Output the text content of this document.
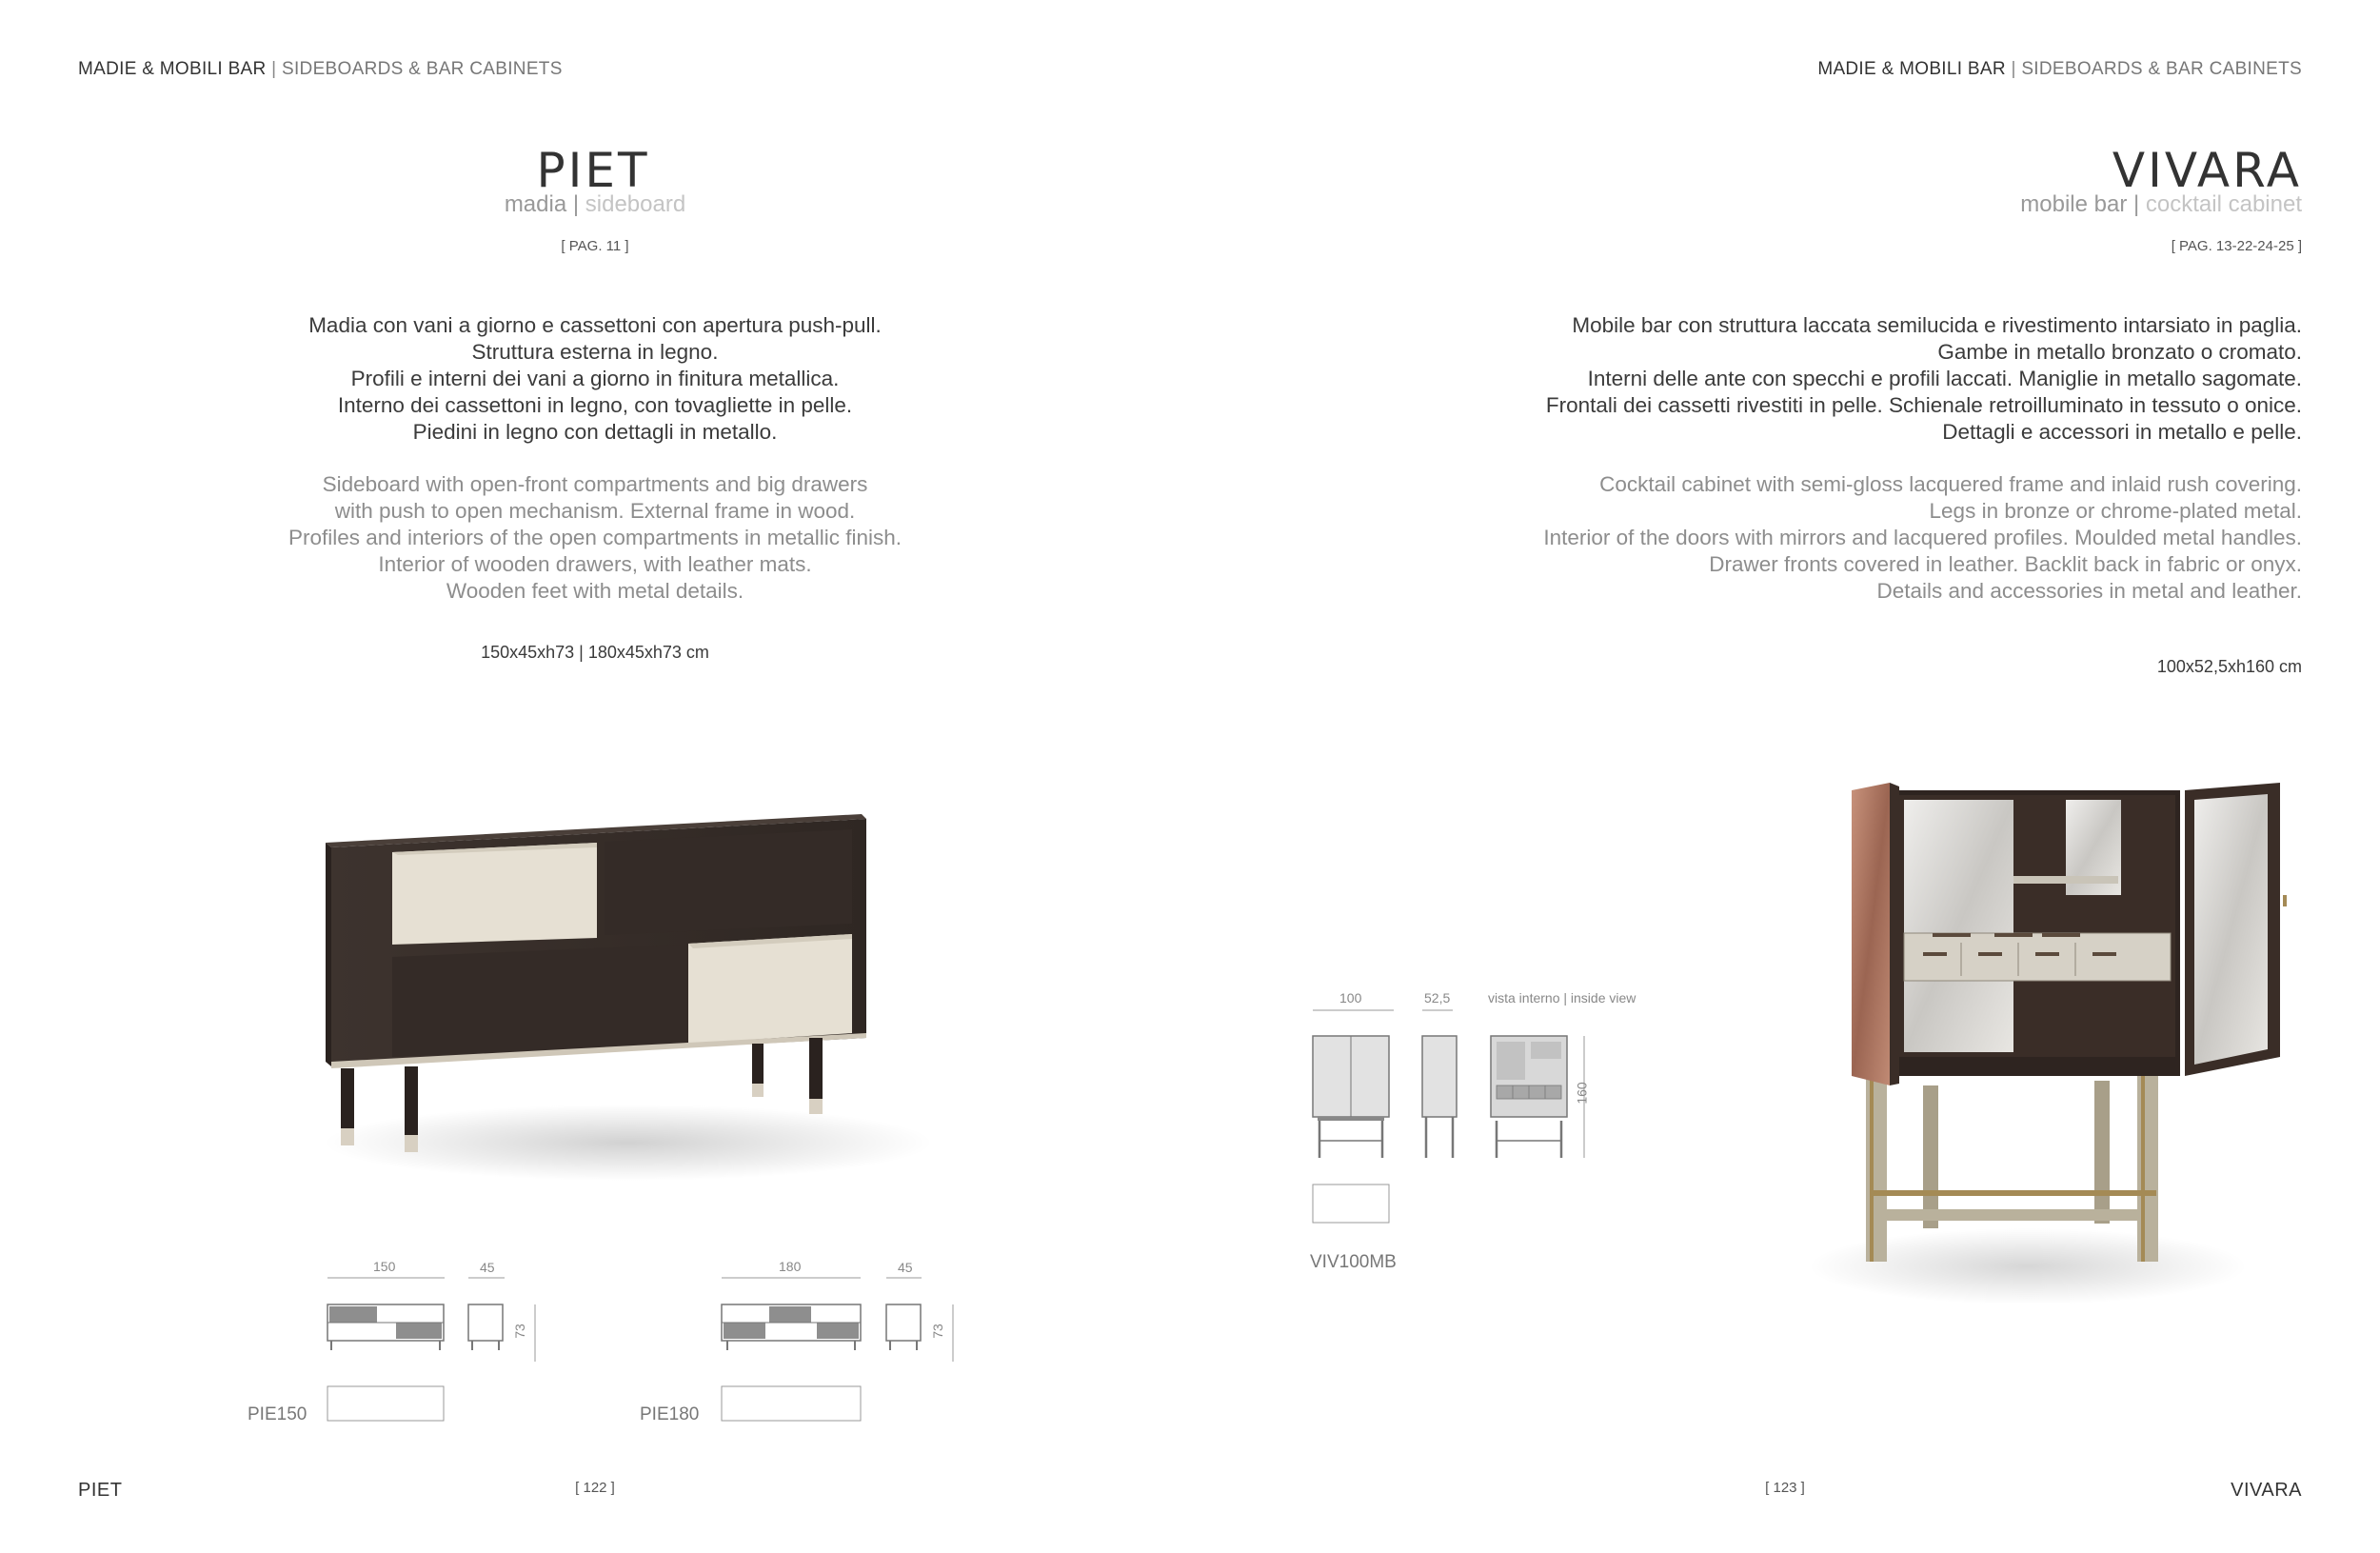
MADIE & MOBILI BAR | SIDEBOARDS & BAR CABINETS
PIET
madia | sideboard
[ PAG. 11 ]
Madia con vani a giorno e cassettoni con apertura push-pull.
Struttura esterna in legno.
Profili e interni dei vani a giorno in finitura metallica.
Interno dei cassettoni in legno, con tovagliette in pelle.
Piedini in legno con dettagli in metallo.
Sideboard with open-front compartments and big drawers
with push to open mechanism. External frame in wood.
Profiles and interiors of the open compartments in metallic finish.
Interior of wooden drawers, with leather mats.
Wooden feet with metal details.
150x45xh73 | 180x45xh73 cm
150	45
73
PIE150
180	45
73
PIE180
PIET	[ 122 ]
MADIE & MOBILI BAR | SIDEBOARDS & BAR CABINETS
VIVARA
mobile bar | cocktail cabinet
[ PAG. 13-22-24-25 ]
Mobile bar con struttura laccata semilucida e rivestimento intarsiato in paglia.
Gambe in metallo bronzato o cromato.
Interni delle ante con specchi e profili laccati. Maniglie in metallo sagomate.
Frontali dei cassetti rivestiti in pelle. Schienale retroilluminato in tessuto o onice.
Dettagli e accessori in metallo e pelle.
Cocktail cabinet with semi-gloss lacquered frame and inlaid rush covering.
Legs in bronze or chrome-plated metal.
Interior of the doors with mirrors and lacquered profiles. Moulded metal handles.
Drawer fronts covered in leather. Backlit back in fabric or onyx.
Details and accessories in metal and leather.
100x52,5xh160 cm
100	52,5	vista interno | inside view
160
VIV100MB
VIVARA
[ 123 ]
